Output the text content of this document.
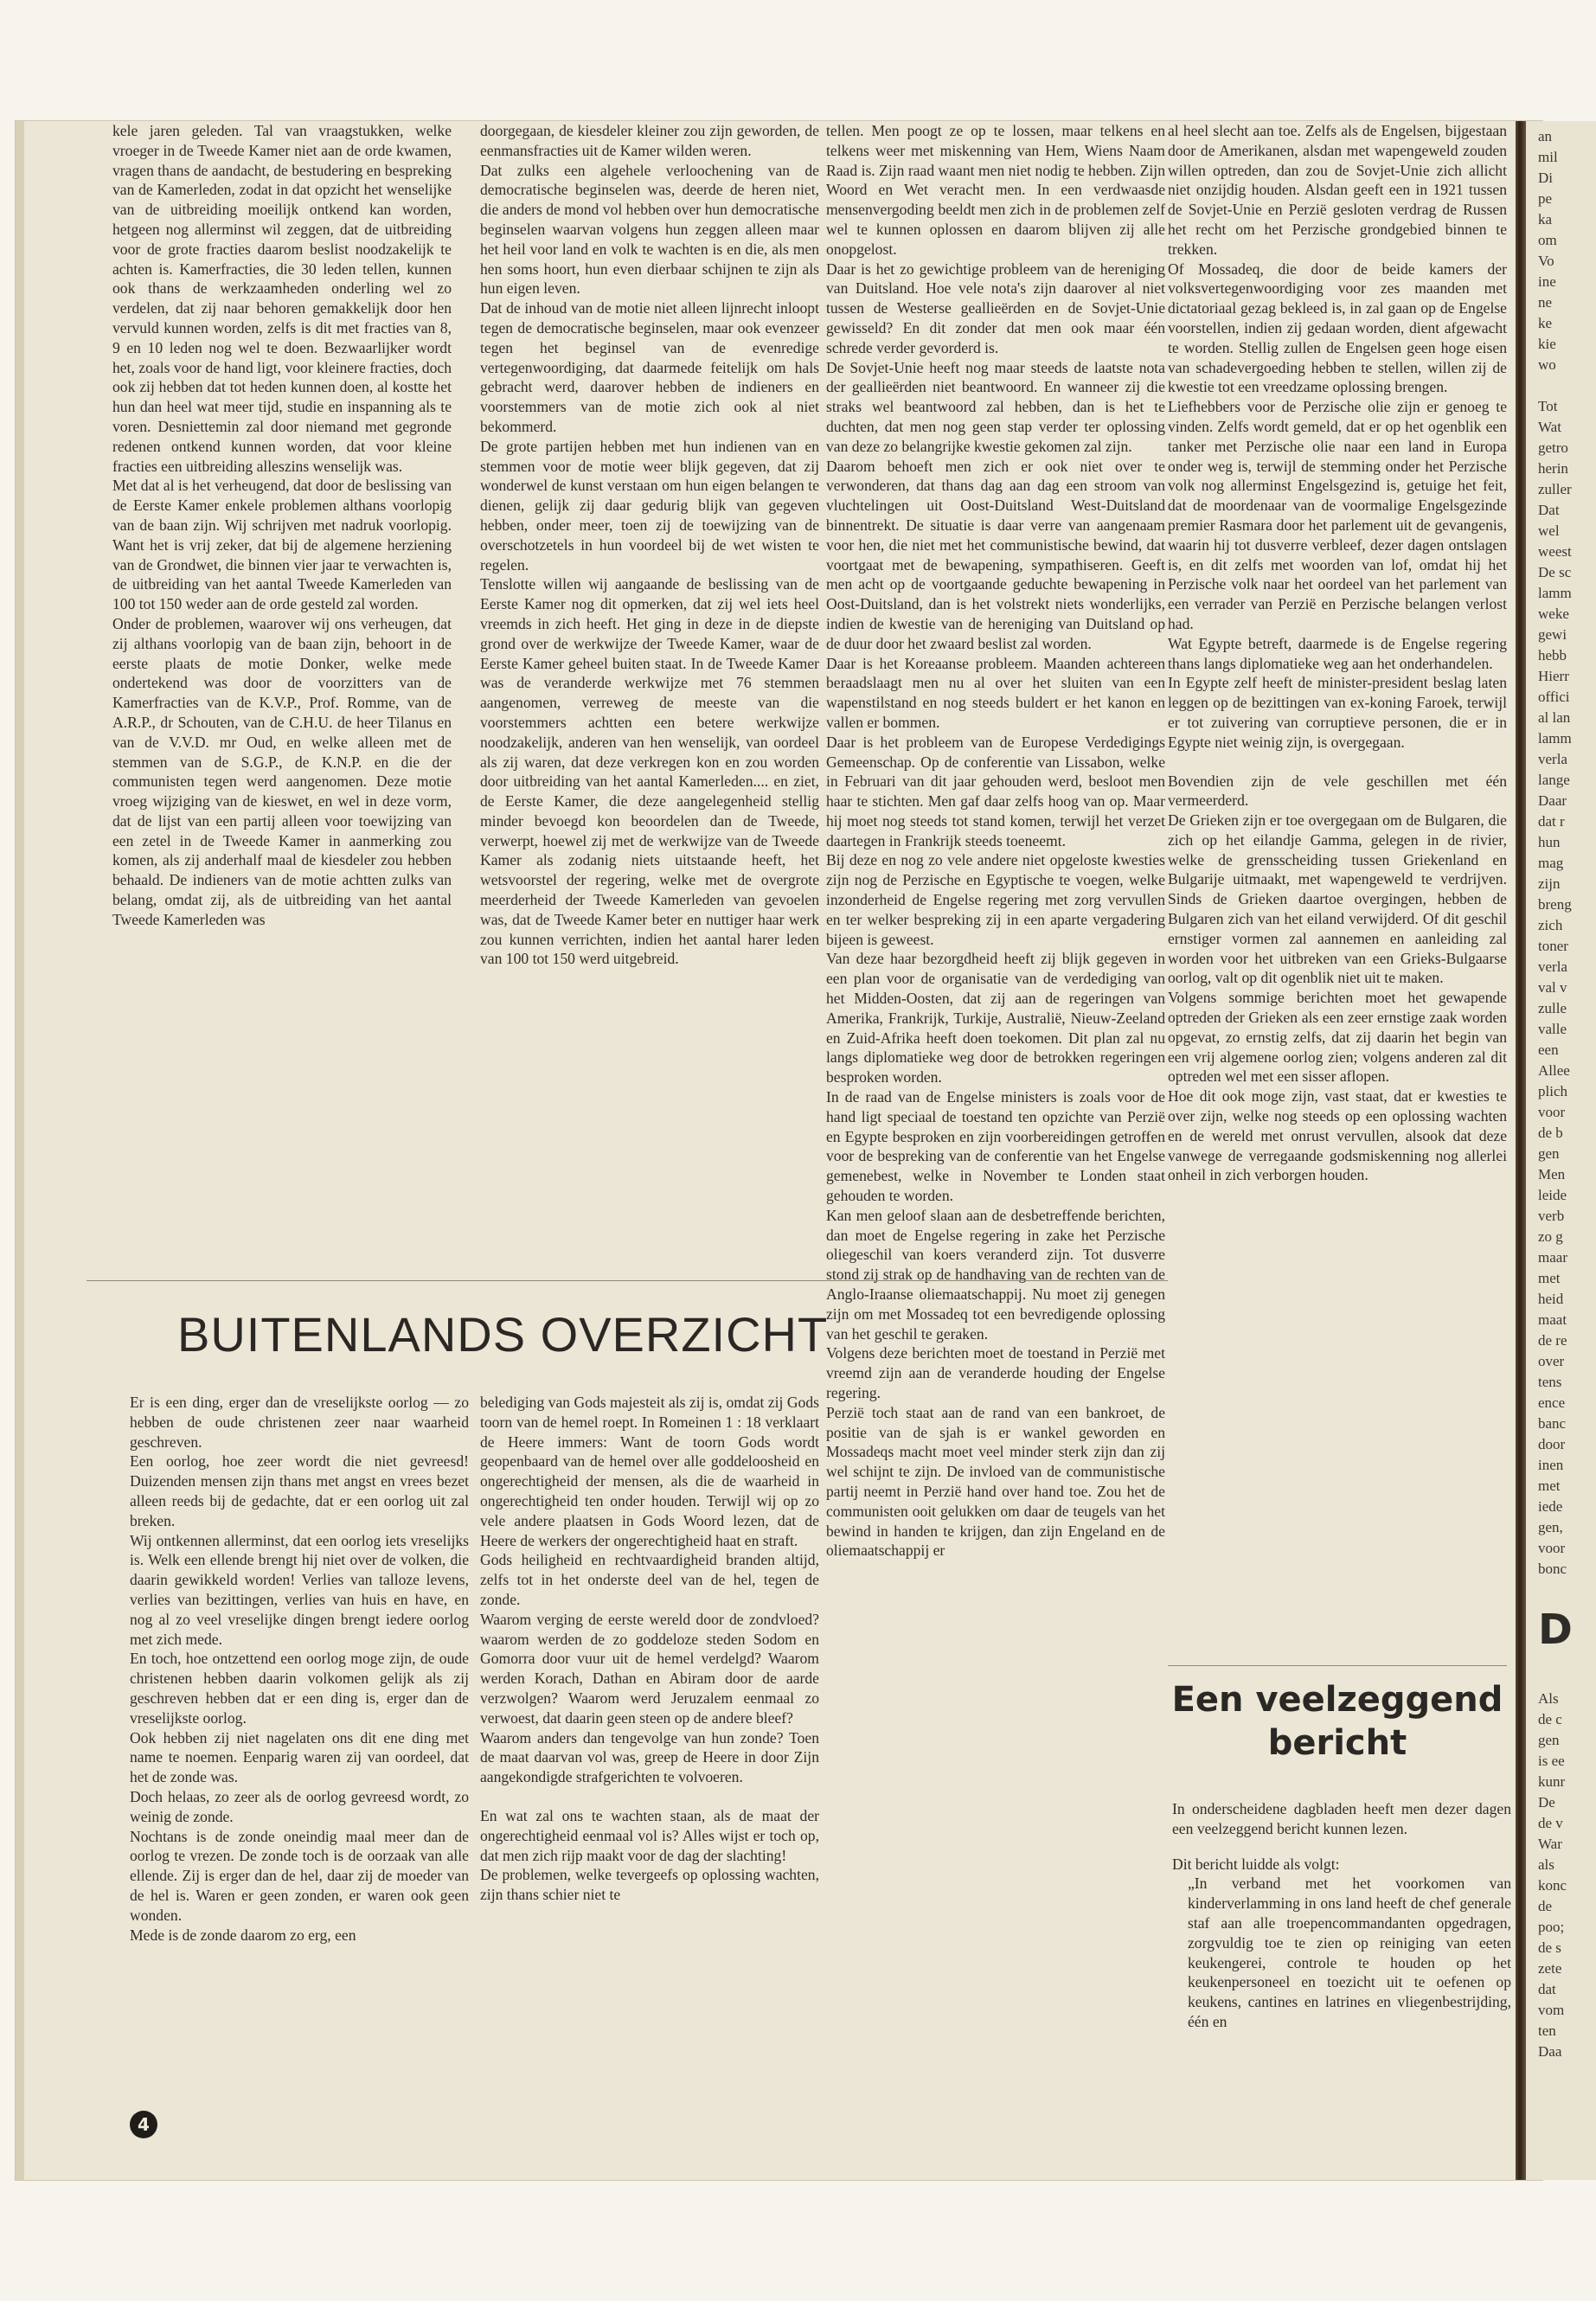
an
mil
Di
pe
ka
om
Vo
ine
ne
ke
kie
wo
Tot
Wat
getro
herin
zuller
Dat
wel
weest
De sc
lamm
weke
gewi
hebb
Hierr
offici
al lan
lamm
verla
lange
Daar
dat r
hun
mag
zijn
breng
zich
toner
verla
val v
zulle
valle
een
Allee
plich
voor
de b
gen
Men
leide
verb
zo g
maar
met
heid
maat
de re
over
tens
ence
banc
door
inen
met
iede
gen,
voor
bonc
D
Als
de c
gen
is ee
kunr
De
de v
War
als
konc
de
poo;
de s
zete
dat
vom
ten
Daa

kele jaren geleden. Tal van vraagstukken, welke vroeger in de Tweede Kamer niet aan de orde kwamen, vragen thans de aandacht, de bestudering en bespreking van de Kamerleden, zodat in dat opzicht het wenselijke van de uitbreiding moeilijk ontkend kan worden, hetgeen nog allerminst wil zeggen, dat de uitbreiding voor de grote fracties daarom beslist noodzakelijk te achten is. Kamerfracties, die 30 leden tellen, kunnen ook thans de werkzaamheden onderling wel zo verdelen, dat zij naar behoren gemakkelijk door hen vervuld kunnen worden, zelfs is dit met fracties van 8, 9 en 10 leden nog wel te doen. Bezwaarlijker wordt het, zoals voor de hand ligt, voor kleinere fracties, doch ook zij hebben dat tot heden kunnen doen, al kostte het hun dan heel wat meer tijd, studie en inspanning als te voren. Desniettemin zal door niemand met gegronde redenen ontkend kunnen worden, dat voor kleine fracties een uitbreiding alleszins wenselijk was.

Met dat al is het verheugend, dat door de beslissing van de Eerste Kamer enkele problemen althans voorlopig van de baan zijn. Wij schrijven met nadruk voorlopig. Want het is vrij zeker, dat bij de algemene herziening van de Grondwet, die binnen vier jaar te verwachten is, de uitbreiding van het aantal Tweede Kamerleden van 100 tot 150 weder aan de orde gesteld zal worden.

Onder de problemen, waarover wij ons verheugen, dat zij althans voorlopig van de baan zijn, behoort in de eerste plaats de motie Donker, welke mede ondertekend was door de voorzitters van de Kamerfracties van de K.V.P., Prof. Romme, van de A.R.P., dr Schouten, van de C.H.U. de heer Tilanus en van de V.V.D. mr Oud, en welke alleen met de stemmen van de S.G.P., de K.N.P. en die der communisten tegen werd aangenomen. Deze motie vroeg wijziging van de kieswet, en wel in deze vorm, dat de lijst van een partij alleen voor toewijzing van een zetel in de Tweede Kamer in aanmerking zou komen, als zij anderhalf maal de kiesdeler zou hebben behaald. De indieners van de motie achtten zulks van belang, omdat zij, als de uitbreiding van het aantal Tweede Kamerleden was

doorgegaan, de kiesdeler kleiner zou zijn geworden, de eenmansfracties uit de Kamer wilden weren.

Dat zulks een algehele verloochening van de democratische beginselen was, deerde de heren niet, die anders de mond vol hebben over hun democratische beginselen waarvan volgens hun zeggen alleen maar het heil voor land en volk te wachten is en die, als men hen soms hoort, hun even dierbaar schijnen te zijn als hun eigen leven.

Dat de inhoud van de motie niet alleen lijnrecht inloopt tegen de democratische beginselen, maar ook evenzeer tegen het beginsel van de evenredige vertegenwoordiging, dat daarmede feitelijk om hals gebracht werd, daarover hebben de indieners en voorstemmers van de motie zich ook al niet bekommerd.

De grote partijen hebben met hun indienen van en stemmen voor de motie weer blijk gegeven, dat zij wonderwel de kunst verstaan om hun eigen belangen te dienen, gelijk zij daar gedurig blijk van gegeven hebben, onder meer, toen zij de toewijzing van de overschotzetels in hun voordeel bij de wet wisten te regelen.

Tenslotte willen wij aangaande de beslissing van de Eerste Kamer nog dit opmerken, dat zij wel iets heel vreemds in zich heeft. Het ging in deze in de diepste grond over de werkwijze der Tweede Kamer, waar de Eerste Kamer geheel buiten staat. In de Tweede Kamer was de veranderde werkwijze met 76 stemmen aangenomen, verreweg de meeste van die voorstemmers achtten een betere werkwijze noodzakelijk, anderen van hen wenselijk, van oordeel als zij waren, dat deze verkregen kon en zou worden door uitbreiding van het aantal Kamerleden.... en ziet, de Eerste Kamer, die deze aangelegenheid stellig minder bevoegd kon beoordelen dan de Tweede, verwerpt, hoewel zij met de werkwijze van de Tweede Kamer als zodanig niets uitstaande heeft, het wetsvoorstel der regering, welke met de overgrote meerderheid der Tweede Kamerleden van gevoelen was, dat de Tweede Kamer beter en nuttiger haar werk zou kunnen verrichten, indien het aantal harer leden van 100 tot 150 werd uitgebreid.

tellen. Men poogt ze op te lossen, maar telkens en telkens weer met miskenning van Hem, Wiens Naam Raad is. Zijn raad waant men niet nodig te hebben. Zijn Woord en Wet veracht men. In een verdwaasde mensenvergoding beeldt men zich in de problemen zelf wel te kunnen oplossen en daarom blijven zij alle onopgelost.

Daar is het zo gewichtige probleem van de hereniging van Duitsland. Hoe vele nota's zijn daarover al niet tussen de Westerse geallieërden en de Sovjet-Unie gewisseld? En dit zonder dat men ook maar één schrede verder gevorderd is.

De Sovjet-Unie heeft nog maar steeds de laatste nota der geallieërden niet beantwoord. En wanneer zij die straks wel beantwoord zal hebben, dan is het te duchten, dat men nog geen stap verder ter oplossing van deze zo belangrijke kwestie gekomen zal zijn.

Daarom behoeft men zich er ook niet over te verwonderen, dat thans dag aan dag een stroom van vluchtelingen uit Oost-Duitsland West-Duitsland binnentrekt. De situatie is daar verre van aangenaam voor hen, die niet met het communistische bewind, dat voortgaat met de bewapening, sympathiseren. Geeft men acht op de voortgaande geduchte bewapening in Oost-Duitsland, dan is het volstrekt niets wonderlijks, indien de kwestie van de hereniging van Duitsland op de duur door het zwaard beslist zal worden.

Daar is het Koreaanse probleem. Maanden achtereen beraadslaagt men nu al over het sluiten van een wapenstilstand en nog steeds buldert er het kanon en vallen er bommen.

Daar is het probleem van de Europese Verdedigings Gemeenschap. Op de conferentie van Lissabon, welke in Februari van dit jaar gehouden werd, besloot men haar te stichten. Men gaf daar zelfs hoog van op. Maar hij moet nog steeds tot stand komen, terwijl het verzet daartegen in Frankrijk steeds toeneemt.

Bij deze en nog zo vele andere niet opgeloste kwesties zijn nog de Perzische en Egyptische te voegen, welke inzonderheid de Engelse regering met zorg vervullen en ter welker bespreking zij in een aparte vergadering bijeen is geweest.

Van deze haar bezorgdheid heeft zij blijk gegeven in een plan voor de organisatie van de verdediging van het Midden-Oosten, dat zij aan de regeringen van Amerika, Frankrijk, Turkije, Australië, Nieuw-Zeeland en Zuid-Afrika heeft doen toekomen. Dit plan zal nu langs diplomatieke weg door de betrokken regeringen besproken worden.

In de raad van de Engelse ministers is zoals voor de hand ligt speciaal de toestand ten opzichte van Perzië en Egypte besproken en zijn voorbereidingen getroffen voor de bespreking van de conferentie van het Engelse gemenebest, welke in November te Londen staat gehouden te worden.

Kan men geloof slaan aan de desbetreffende berichten, dan moet de Engelse regering in zake het Perzische oliegeschil van koers veranderd zijn. Tot dusverre stond zij strak op de handhaving van de rechten van de Anglo-Iraanse oliemaatschappij. Nu moet zij genegen zijn om met Mossadeq tot een bevredigende oplossing van het geschil te geraken.

Volgens deze berichten moet de toestand in Perzië met vreemd zijn aan de veranderde houding der Engelse regering.

Perzië toch staat aan de rand van een bankroet, de positie van de sjah is er wankel geworden en Mossadeqs macht moet veel minder sterk zijn dan zij wel schijnt te zijn. De invloed van de communistische partij neemt in Perzië hand over hand toe. Zou het de communisten ooit gelukken om daar de teugels van het bewind in handen te krijgen, dan zijn Engeland en de oliemaatschappij er

al heel slecht aan toe. Zelfs als de Engelsen, bijgestaan door de Amerikanen, alsdan met wapengeweld zouden willen optreden, dan zou de Sovjet-Unie zich allicht niet onzijdig houden. Alsdan geeft een in 1921 tussen de Sovjet-Unie en Perzië gesloten verdrag de Russen het recht om het Perzische grondgebied binnen te trekken.

Of Mossadeq, die door de beide kamers der volksvertegenwoordiging voor zes maanden met dictatoriaal gezag bekleed is, in zal gaan op de Engelse voorstellen, indien zij gedaan worden, dient afgewacht te worden. Stellig zullen de Engelsen geen hoge eisen van schadevergoeding hebben te stellen, willen zij de kwestie tot een vreedzame oplossing brengen.

Liefhebbers voor de Perzische olie zijn er genoeg te vinden. Zelfs wordt gemeld, dat er op het ogenblik een tanker met Perzische olie naar een land in Europa onder weg is, terwijl de stemming onder het Perzische volk nog allerminst Engelsgezind is, getuige het feit, dat de moordenaar van de voormalige Engelsgezinde premier Rasmara door het parlement uit de gevangenis, waarin hij tot dusverre verbleef, dezer dagen ontslagen is, en dit zelfs met woorden van lof, omdat hij het Perzische volk naar het oordeel van het parlement van een verrader van Perzië en Perzische belangen verlost had.

Wat Egypte betreft, daarmede is de Engelse regering thans langs diplomatieke weg aan het onderhandelen.

In Egypte zelf heeft de minister-president beslag laten leggen op de bezittingen van ex-koning Faroek, terwijl er tot zuivering van corruptieve personen, die er in Egypte niet weinig zijn, is overgegaan.

Bovendien zijn de vele geschillen met één vermeerderd.

De Grieken zijn er toe overgegaan om de Bulgaren, die zich op het eilandje Gamma, gelegen in de rivier, welke de grensscheiding tussen Griekenland en Bulgarije uitmaakt, met wapengeweld te verdrijven. Sinds de Grieken daartoe overgingen, hebben de Bulgaren zich van het eiland verwijderd. Of dit geschil ernstiger vormen zal aannemen en aanleiding zal worden voor het uitbreken van een Grieks-Bulgaarse oorlog, valt op dit ogenblik niet uit te maken.

Volgens sommige berichten moet het gewapende optreden der Grieken als een zeer ernstige zaak worden opgevat, zo ernstig zelfs, dat zij daarin het begin van een vrij algemene oorlog zien; volgens anderen zal dit optreden wel met een sisser aflopen.

Hoe dit ook moge zijn, vast staat, dat er kwesties te over zijn, welke nog steeds op een oplossing wachten en de wereld met onrust vervullen, alsook dat deze vanwege de verregaande godsmiskenning nog allerlei onheil in zich verborgen houden.

BUITENLANDS OVERZICHT

Er is een ding, erger dan de vreselijkste oorlog — zo hebben de oude christenen zeer naar waarheid geschreven.

Een oorlog, hoe zeer wordt die niet gevreesd! Duizenden mensen zijn thans met angst en vrees bezet alleen reeds bij de gedachte, dat er een oorlog uit zal breken.

Wij ontkennen allerminst, dat een oorlog iets vreselijks is. Welk een ellende brengt hij niet over de volken, die daarin gewikkeld worden! Verlies van talloze levens, verlies van bezittingen, verlies van huis en have, en nog al zo veel vreselijke dingen brengt iedere oorlog met zich mede.

En toch, hoe ontzettend een oorlog moge zijn, de oude christenen hebben daarin volkomen gelijk als zij geschreven hebben dat er een ding is, erger dan de vreselijkste oorlog.

Ook hebben zij niet nagelaten ons dit ene ding met name te noemen. Eenparig waren zij van oordeel, dat het de zonde was.

Doch helaas, zo zeer als de oorlog gevreesd wordt, zo weinig de zonde.

Nochtans is de zonde oneindig maal meer dan de oorlog te vrezen. De zonde toch is de oorzaak van alle ellende. Zij is erger dan de hel, daar zij de moeder van de hel is. Waren er geen zonden, er waren ook geen wonden.

Mede is de zonde daarom zo erg, een

belediging van Gods majesteit als zij is, omdat zij Gods toorn van de hemel roept. In Romeinen 1 : 18 verklaart de Heere immers: Want de toorn Gods wordt geopenbaard van de hemel over alle goddeloosheid en ongerechtigheid der mensen, als die de waarheid in ongerechtigheid ten onder houden. Terwijl wij op zo vele andere plaatsen in Gods Woord lezen, dat de Heere de werkers der ongerechtigheid haat en straft.

Gods heiligheid en rechtvaardigheid branden altijd, zelfs tot in het onderste deel van de hel, tegen de zonde.

Waarom verging de eerste wereld door de zondvloed? waarom werden de zo goddeloze steden Sodom en Gomorra door vuur uit de hemel verdelgd? Waarom werden Korach, Dathan en Abiram door de aarde verzwolgen? Waarom werd Jeruzalem eenmaal zo verwoest, dat daarin geen steen op de andere bleef?

Waarom anders dan tengevolge van hun zonde? Toen de maat daarvan vol was, greep de Heere in door Zijn aangekondigde strafgerichten te volvoeren.

En wat zal ons te wachten staan, als de maat der ongerechtigheid eenmaal vol is? Alles wijst er toch op, dat men zich rijp maakt voor de dag der slachting!

De problemen, welke tevergeefs op oplossing wachten, zijn thans schier niet te

Een veelzeggend bericht

In onderscheidene dagbladen heeft men dezer dagen een veelzeggend bericht kunnen lezen.

Dit bericht luidde als volgt:

„In verband met het voorkomen van kinderverlamming in ons land heeft de chef generale staf aan alle troepencommandanten opgedragen, zorgvuldig toe te zien op reiniging van eeten keukengerei, controle te houden op het keukenpersoneel en toezicht uit te oefenen op keukens, cantines en latrines en vliegenbestrijding, één en

4
